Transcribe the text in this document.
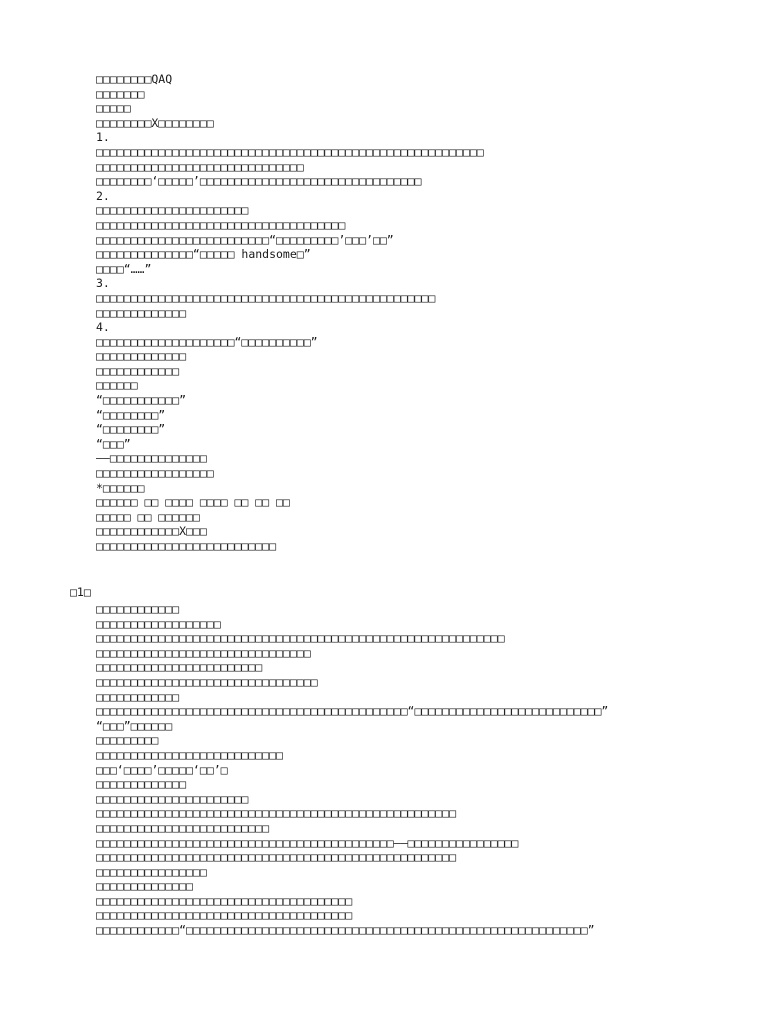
□□□□□□□□QAQ
□□□□□□□
□□□□□
□□□□□□□□X□□□□□□□□
1.
□□□□□□□□□□□□□□□□□□□□□□□□□□□□□□□□□□□□□□□□□□□□□□□□□□□□□□□□
□□□□□□□□□□□□□□□□□□□□□□□□□□□□□□
□□□□□□□□‘□□□□□’□□□□□□□□□□□□□□□□□□□□□□□□□□□□□□□□
2.
□□□□□□□□□□□□□□□□□□□□□□
□□□□□□□□□□□□□□□□□□□□□□□□□□□□□□□□□□□□
□□□□□□□□□□□□□□□□□□□□□□□□□“□□□□□□□□□’□□□’□□”
□□□□□□□□□□□□□□“□□□□□ handsome□”
□□□□“……”
3.
□□□□□□□□□□□□□□□□□□□□□□□□□□□□□□□□□□□□□□□□□□□□□□□□□
□□□□□□□□□□□□□
4.
□□□□□□□□□□□□□□□□□□□□“□□□□□□□□□□”
□□□□□□□□□□□□□
□□□□□□□□□□□□
□□□□□□
“□□□□□□□□□□□”
“□□□□□□□□”
“□□□□□□□□”
“□□□”
——□□□□□□□□□□□□□□
□□□□□□□□□□□□□□□□□
*□□□□□□
□□□□□□ □□ □□□□ □□□□ □□ □□ □□
□□□□□ □□ □□□□□□
□□□□□□□□□□□□X□□□
□□□□□□□□□□□□□□□□□□□□□□□□□□
□1□
□□□□□□□□□□□□
□□□□□□□□□□□□□□□□□□
□□□□□□□□□□□□□□□□□□□□□□□□□□□□□□□□□□□□□□□□□□□□□□□□□□□□□□□□□□□
□□□□□□□□□□□□□□□□□□□□□□□□□□□□□□□
□□□□□□□□□□□□□□□□□□□□□□□□
□□□□□□□□□□□□□□□□□□□□□□□□□□□□□□□□
□□□□□□□□□□□□
□□□□□□□□□□□□□□□□□□□□□□□□□□□□□□□□□□□□□□□□□□□□□“□□□□□□□□□□□□□□□□□□□□□□□□□□□”
“□□□”□□□□□□
□□□□□□□□□
□□□□□□□□□□□□□□□□□□□□□□□□□□□
□□□‘□□□□’□□□□□‘□□’□
□□□□□□□□□□□□□
□□□□□□□□□□□□□□□□□□□□□□
□□□□□□□□□□□□□□□□□□□□□□□□□□□□□□□□□□□□□□□□□□□□□□□□□□□□
□□□□□□□□□□□□□□□□□□□□□□□□□
□□□□□□□□□□□□□□□□□□□□□□□□□□□□□□□□□□□□□□□□□□□——□□□□□□□□□□□□□□□□
□□□□□□□□□□□□□□□□□□□□□□□□□□□□□□□□□□□□□□□□□□□□□□□□□□□□
□□□□□□□□□□□□□□□□
□□□□□□□□□□□□□□
□□□□□□□□□□□□□□□□□□□□□□□□□□□□□□□□□□□□□
□□□□□□□□□□□□□□□□□□□□□□□□□□□□□□□□□□□□□
□□□□□□□□□□□□“□□□□□□□□□□□□□□□□□□□□□□□□□□□□□□□□□□□□□□□□□□□□□□□□□□□□□□□□□□”
